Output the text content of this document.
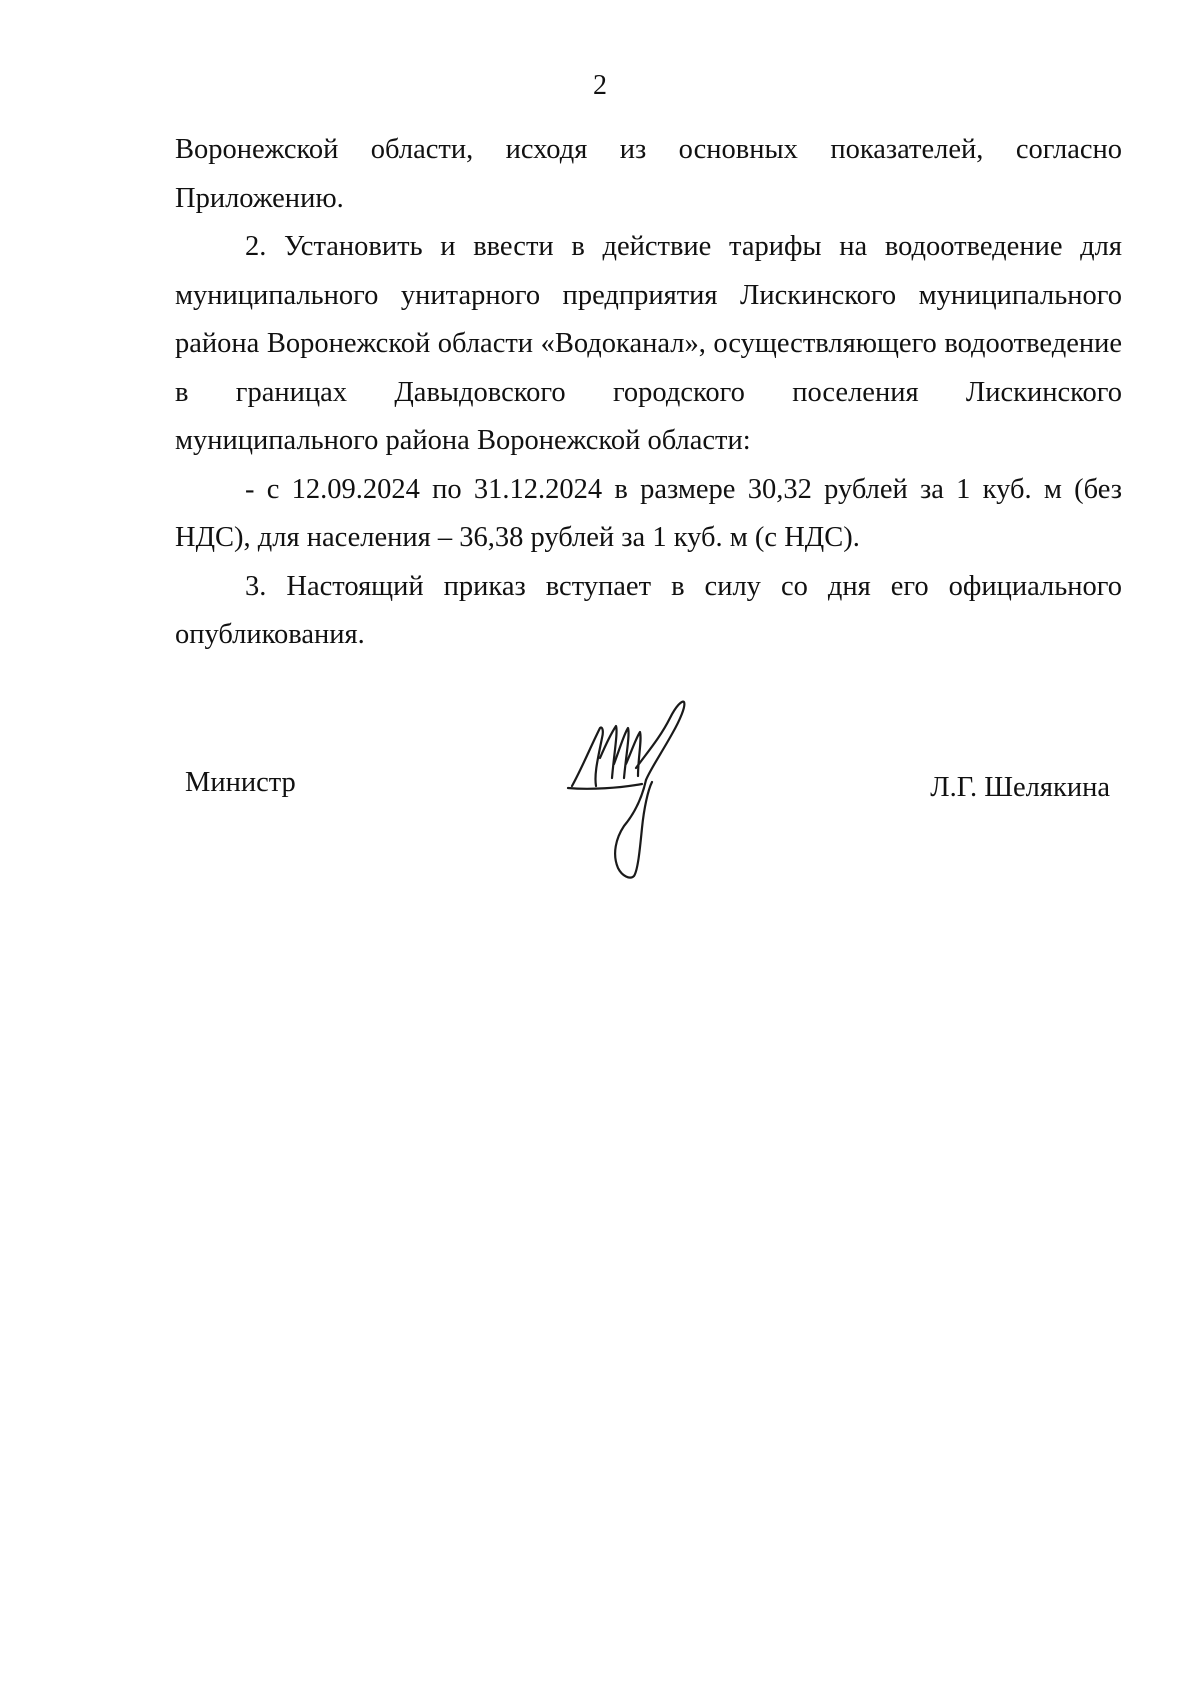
2

Воронежской области, исходя из основных показателей, согласно Приложению.

2. Установить и ввести в действие тарифы на водоотведение для муниципального унитарного предприятия Лискинского муниципального района Воронежской области «Водоканал», осуществляющего водоотведение в границах Давыдовского городского поселения Лискинского муниципального района Воронежской области:

- с 12.09.2024 по 31.12.2024 в размере 30,32 рублей за 1 куб. м (без НДС), для населения – 36,38 рублей за 1 куб. м (с НДС).

3. Настоящий приказ вступает в силу со дня его официального опубликования.

Министр	Л.Г. Шелякина
